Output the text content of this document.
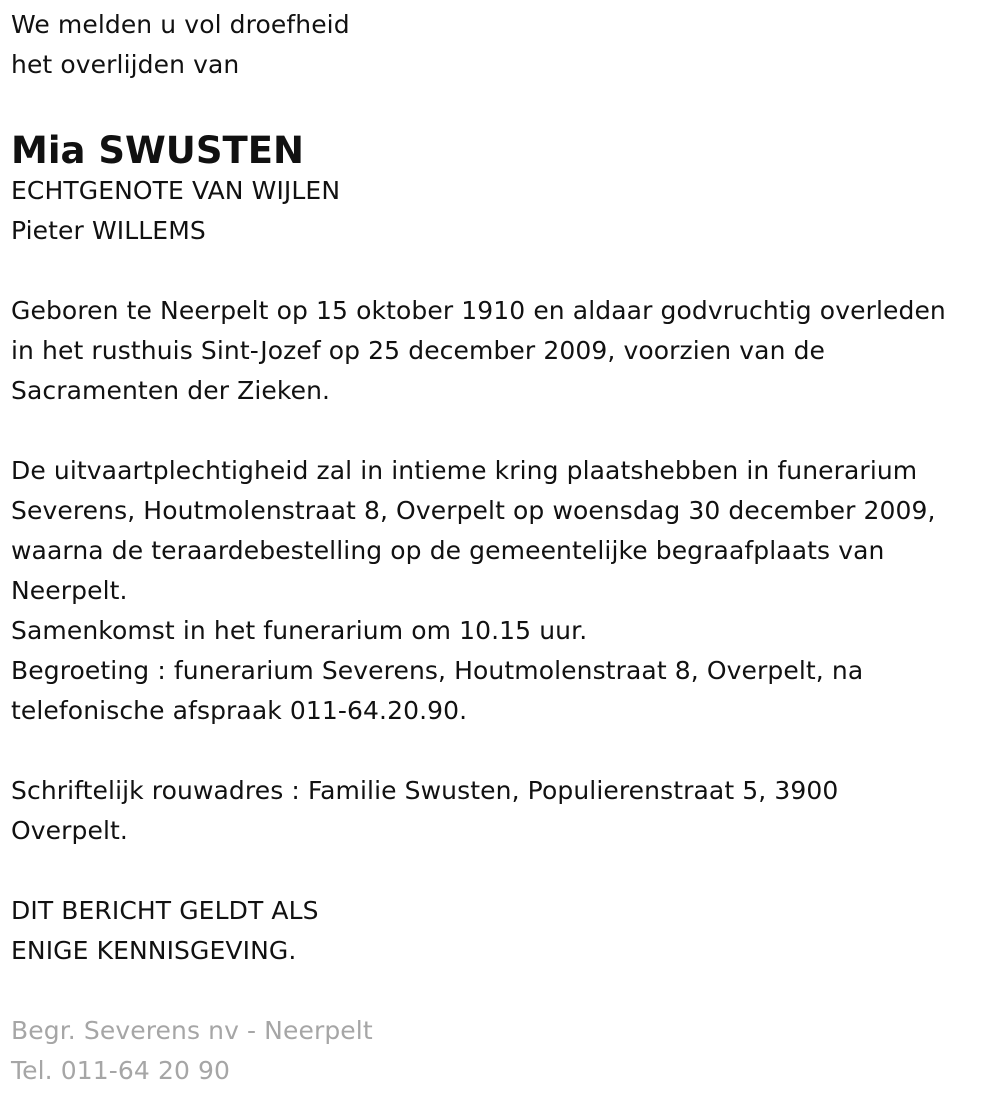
We melden u vol droefheid
het overlijden van
Mia SWUSTEN
ECHTGENOTE VAN WIJLEN
Pieter WILLEMS
Geboren te Neerpelt op 15 oktober 1910 en aldaar godvruchtig overleden
in het rusthuis Sint-Jozef op 25 december 2009, voorzien van de
Sacramenten der Zieken.
De uitvaartplechtigheid zal in intieme kring plaatshebben in funerarium
Severens, Houtmolenstraat 8, Overpelt op woensdag 30 december 2009,
waarna de teraardebestelling op de gemeentelijke begraafplaats van
Neerpelt.
Samenkomst in het funerarium om 10.15 uur.
Begroeting : funerarium Severens, Houtmolenstraat 8, Overpelt, na
telefonische afspraak 011-64.20.90.
Schriftelijk rouwadres : Familie Swusten, Populierenstraat 5, 3900
Overpelt.
DIT BERICHT GELDT ALS
ENIGE KENNISGEVING.
Begr. Severens nv - Neerpelt
Tel. 011-64 20 90
